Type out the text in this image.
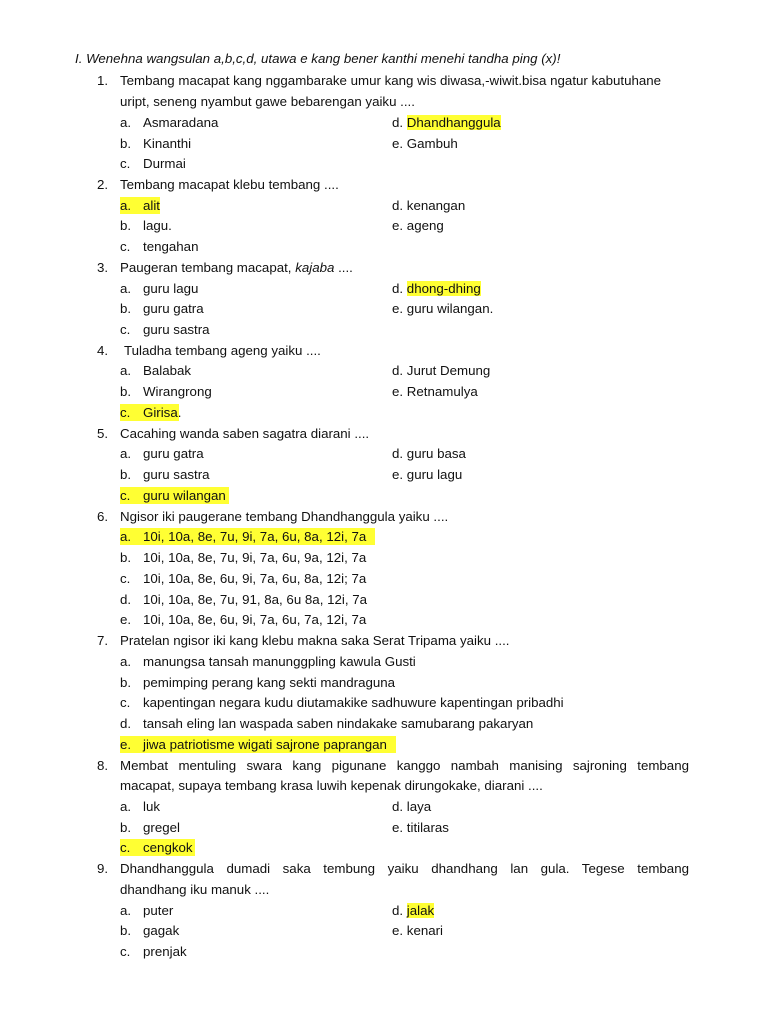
I. Wenehna wangsulan a,b,c,d, utawa e kang bener kanthi menehi tandha ping (x)!
1. Tembang macapat kang nggambarake umur kang wis diwasa,-wiwit.bisa ngatur kabutuhane
uript, seneng nyambut gawe bebarengan yaiku ....
a. Asmaradana	d. Dhandhanggula
b. Kinanthi	e. Gambuh
c. Durmai
2. Tembang macapat klebu tembang ....
a. alit	d. kenangan
b. lagu.	e. ageng
c. tengahan
3. Paugeran tembang macapat, kajaba ....
a. guru lagu	d. dhong-dhing
b. guru gatra	e. guru wilangan.
c. guru sastra
4. Tuladha tembang ageng yaiku ....
a. Balabak	d. Jurut Demung
b. Wirangrong	e. Retnamulya
c. Girisa.
5. Cacahing wanda saben sagatra diarani ....
a. guru gatra	d. guru basa
b. guru sastra	e. guru lagu
c. guru wilangan
6. Ngisor iki paugerane tembang Dhandhanggula yaiku ....
a. 10i, 10a, 8e, 7u, 9i, 7a, 6u, 8a, 12i, 7a
b. 10i, 10a, 8e, 7u, 9i, 7a, 6u, 9a, 12i, 7a
c. 10i, 10a, 8e, 6u, 9i, 7a, 6u, 8a, 12i; 7a
d. 10i, 10a, 8e, 7u, 91, 8a, 6u 8a, 12i, 7a
e. 10i, 10a, 8e, 6u, 9i, 7a, 6u, 7a, 12i, 7a
7. Pratelan ngisor iki kang klebu makna saka Serat Tripama yaiku ....
a. manungsa tansah manunggpling kawula Gusti
b. pemimping perang kang sekti mandraguna
c. kapentingan negara kudu diutamakike sadhuwure kapentingan pribadhi
d. tansah eling lan waspada saben nindakake samubarang pakaryan
e. jiwa patriotisme wigati sajrone paprangan
8. Membat mentuling swara kang pigunane kanggo nambah manising sajroning tembang
macapat, supaya tembang krasa luwih kepenak dirungokake, diarani ....
a. luk	d. laya
b. gregel	e. titilaras
c. cengkok
9. Dhandhanggula dumadi saka tembung yaiku dhandhang lan gula. Tegese tembang
dhandhang iku manuk ....
a. puter	d. jalak
b. gagak	e. kenari
c. prenjak
